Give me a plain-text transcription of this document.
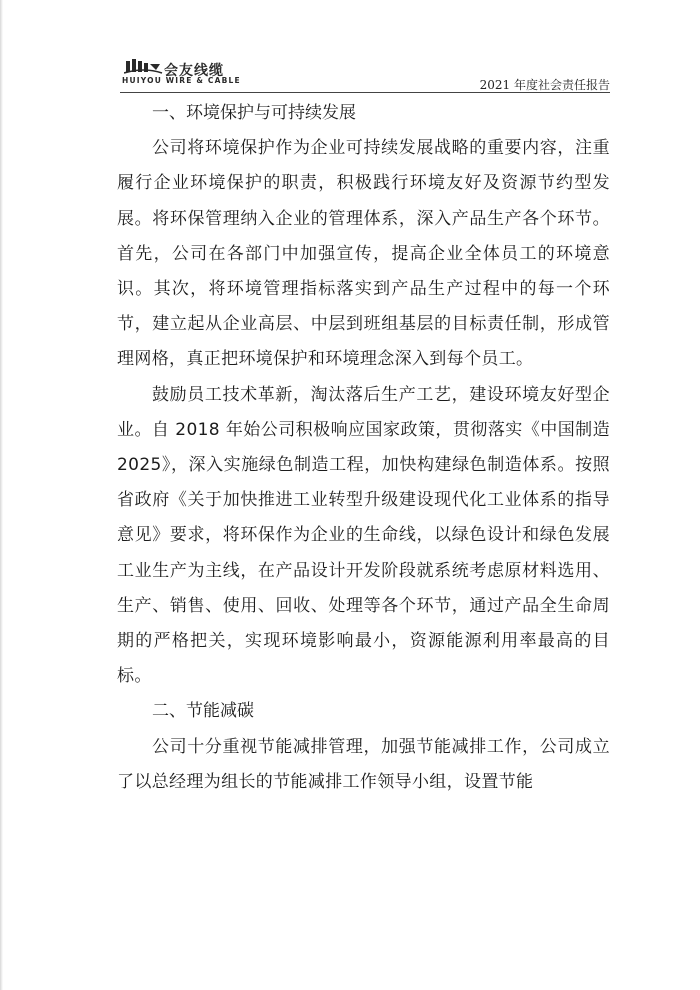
会友线缆
HUIYOU WIRE & CABLE	2021 年度社会责任报告
一、环境保护与可持续发展

公司将环境保护作为企业可持续发展战略的重要内容，注重履行企业环境保护的职责，积极践行环境友好及资源节约型发展。将环保管理纳入企业的管理体系，深入产品生产各个环节。首先，公司在各部门中加强宣传，提高企业全体员工的环境意识。其次，将环境管理指标落实到产品生产过程中的每一个环节，建立起从企业高层、中层到班组基层的目标责任制，形成管理网格，真正把环境保护和环境理念深入到每个员工。

鼓励员工技术革新，淘汰落后生产工艺，建设环境友好型企业。自 2018 年始公司积极响应国家政策，贯彻落实《中国制造 2025》，深入实施绿色制造工程，加快构建绿色制造体系。按照省政府《关于加快推进工业转型升级建设现代化工业体系的指导意见》要求，将环保作为企业的生命线，以绿色设计和绿色发展工业生产为主线，在产品设计开发阶段就系统考虑原材料选用、生产、销售、使用、回收、处理等各个环节，通过产品全生命周期的严格把关，实现环境影响最小，资源能源利用率最高的目标。

二、节能减碳

公司十分重视节能减排管理，加强节能减排工作，公司成立了以总经理为组长的节能减排工作领导小组，设置节能
